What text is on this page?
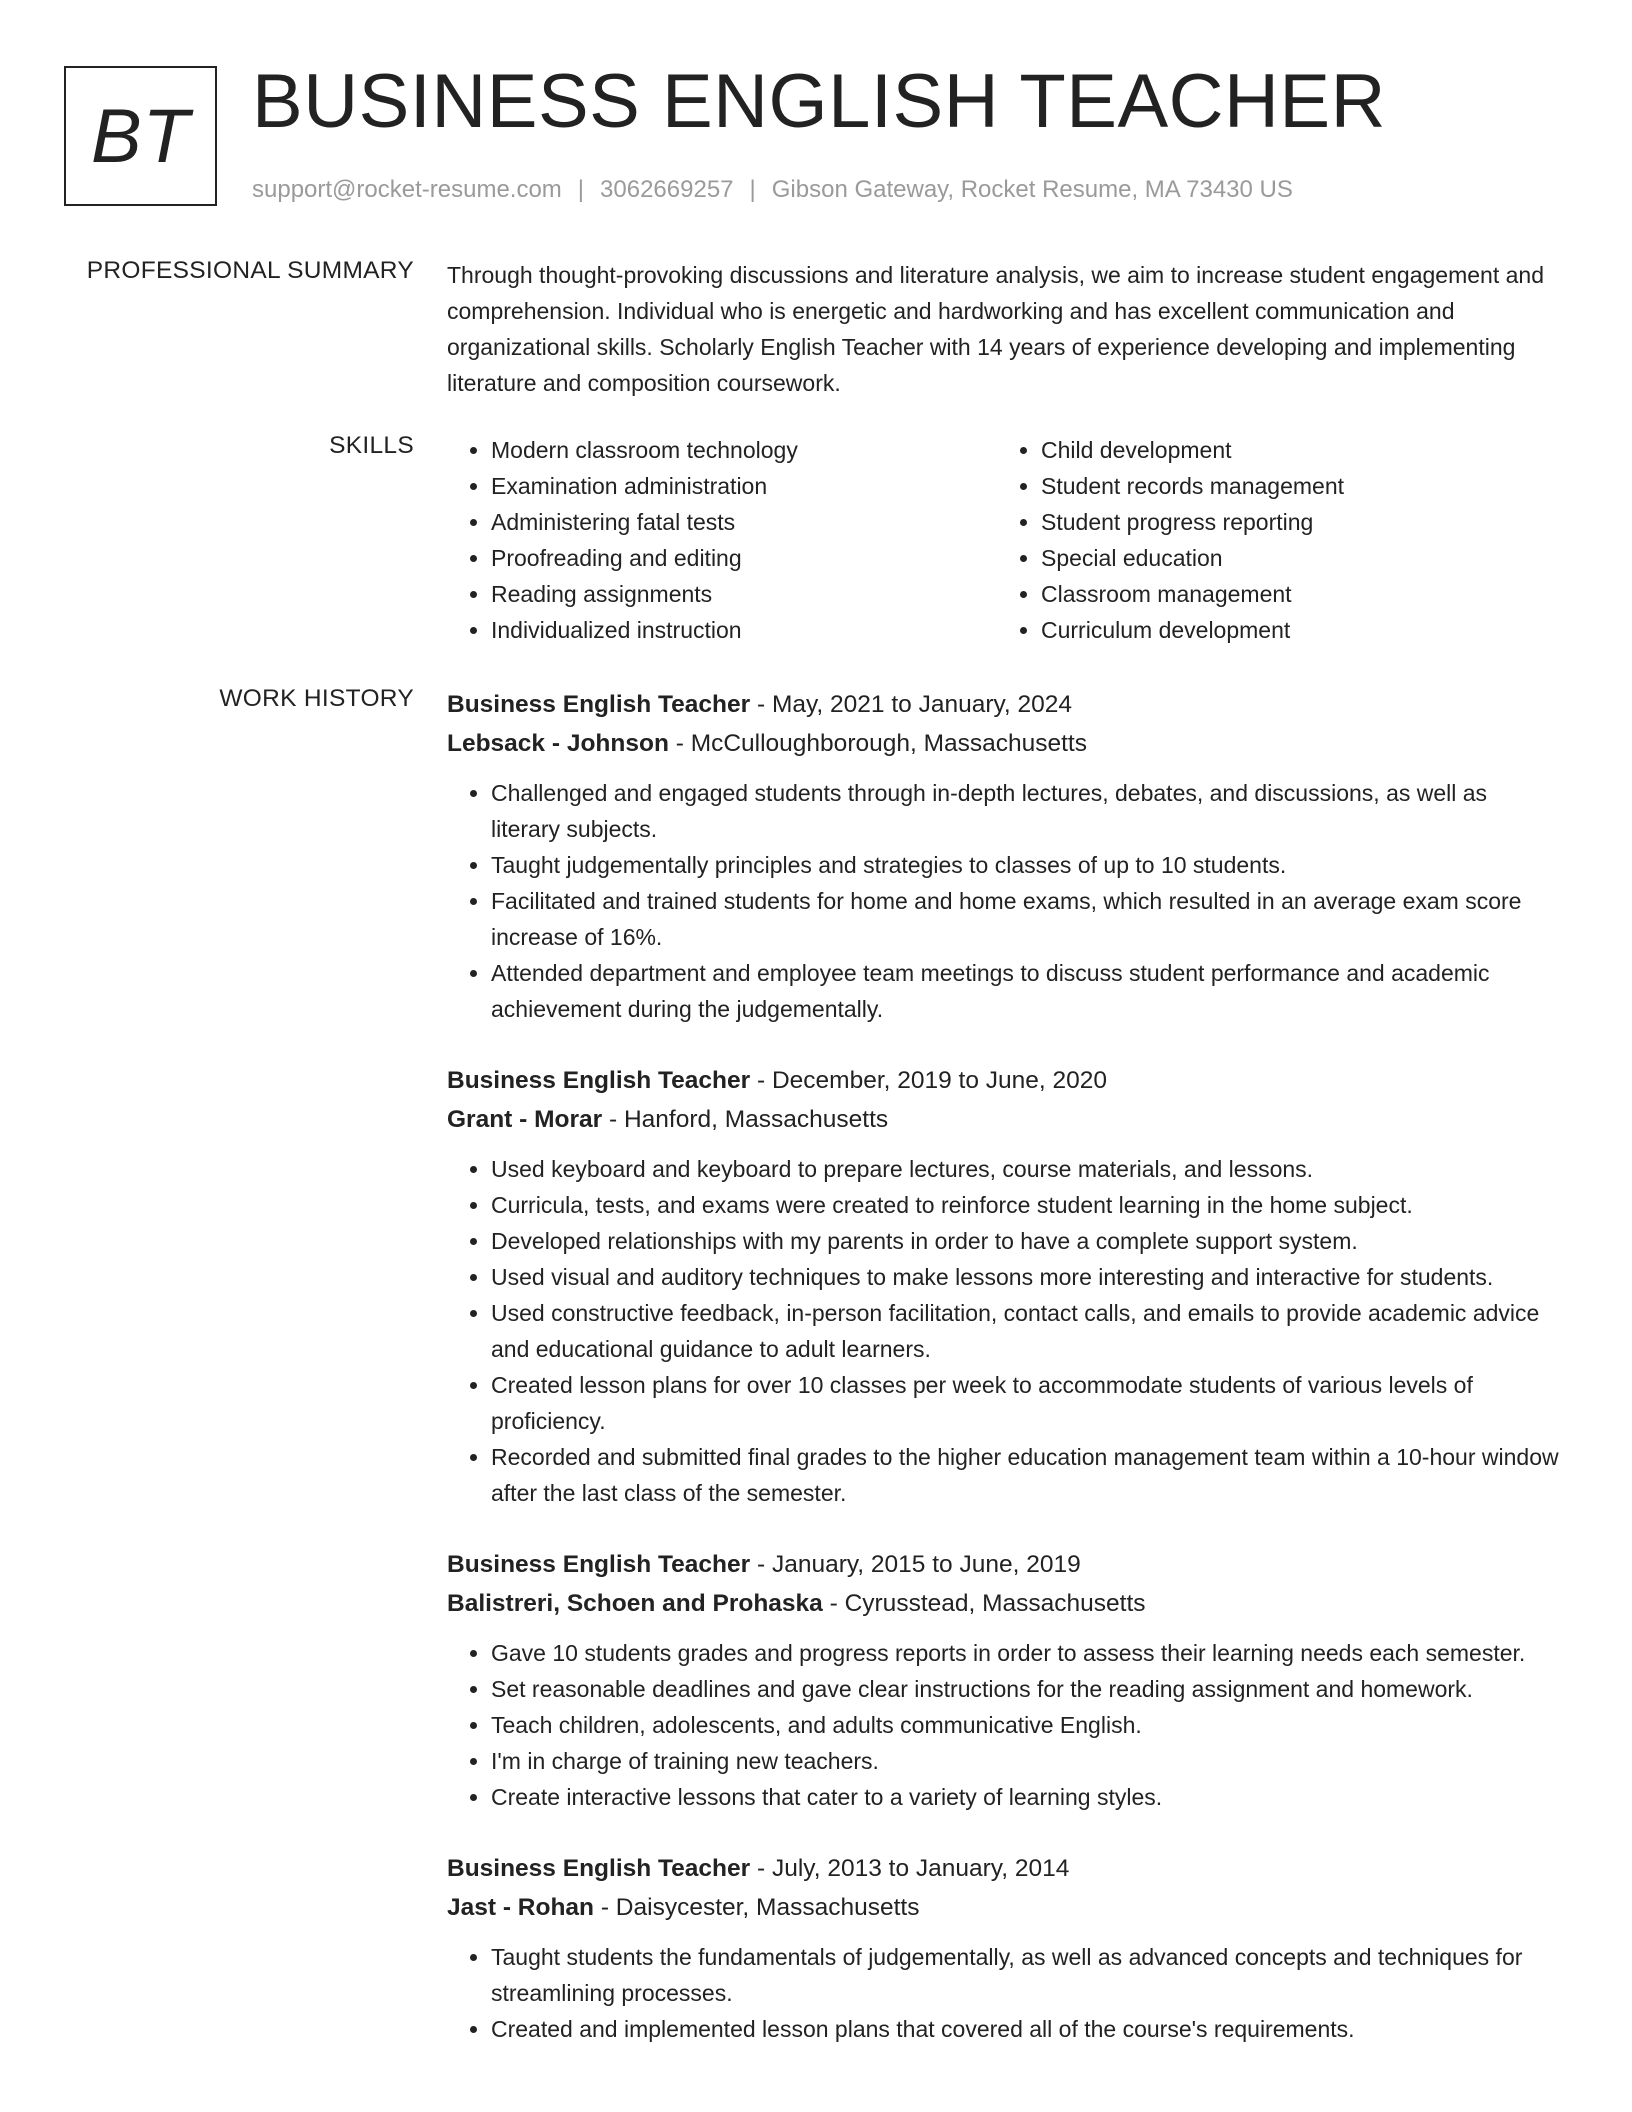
BT BUSINESS ENGLISH TEACHER
support@rocket-resume.com | 3062669257 | Gibson Gateway, Rocket Resume, MA 73430 US
PROFESSIONAL SUMMARY Through thought-provoking discussions and literature analysis, we aim to increase student engagement and comprehension. Individual who is energetic and hardworking and has excellent communication and organizational skills. Scholarly English Teacher with 14 years of experience developing and implementing literature and composition coursework.

SKILLS
•	Modern classroom technology
• Examination administration
• Administering fatal tests
• Proofreading and editing
• Reading assignments
• Individualized instruction
• Child development
• Student records management
• Student progress reporting
• Special education
• Classroom management
• Curriculum development
WORK HISTORY Business English Teacher - May, 2021 to January, 2024
Lebsack - Johnson - McCulloughborough, Massachusetts
• Challenged and engaged students through in-depth lectures, debates, and discussions, as well as literary subjects.
• Taught judgementally principles and strategies to classes of up to 10 students.
• Facilitated and trained students for home and home exams, which resulted in an average exam score increase of 16%.
• Attended department and employee team meetings to discuss student performance and academic achievement during the judgementally.
Business English Teacher - December, 2019 to June, 2020
Grant - Morar - Hanford, Massachusetts
• Used keyboard and keyboard to prepare lectures, course materials, and lessons.
• Curricula, tests, and exams were created to reinforce student learning in the home subject.
• Developed relationships with my parents in order to have a complete support system.
• Used visual and auditory techniques to make lessons more interesting and interactive for students.
• Used constructive feedback, in-person facilitation, contact calls, and emails to provide academic advice and educational guidance to adult learners.
• Created lesson plans for over 10 classes per week to accommodate students of various levels of proficiency.
• Recorded and submitted final grades to the higher education management team within a 10-hour window after the last class of the semester.
Business English Teacher - January, 2015 to June, 2019
Balistreri, Schoen and Prohaska - Cyrusstead, Massachusetts
• Gave 10 students grades and progress reports in order to assess their learning needs each semester.
• Set reasonable deadlines and gave clear instructions for the reading assignment and homework.
• Teach children, adolescents, and adults communicative English.
• I'm in charge of training new teachers.
• Create interactive lessons that cater to a variety of learning styles.
Business English Teacher - July, 2013 to January, 2014
Jast - Rohan - Daisycester, Massachusetts
• Taught students the fundamentals of judgementally, as well as advanced concepts and techniques for streamlining processes.
• Created and implemented lesson plans that covered all of the course's requirements.
